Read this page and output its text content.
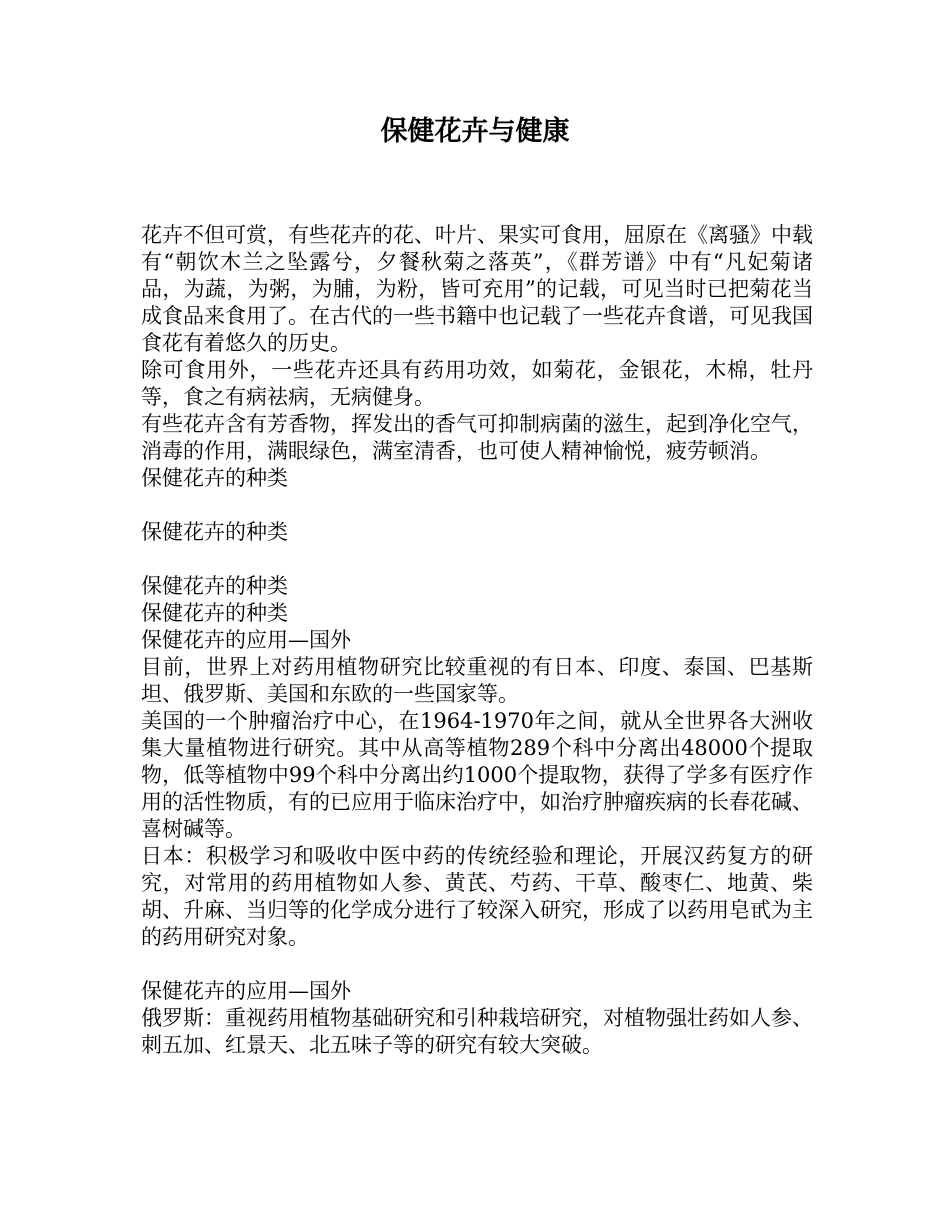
保健花卉与健康

花卉不但可赏，有些花卉的花、叶片、果实可食用，屈原在《离骚》中载有“朝饮木兰之坠露兮，夕餐秋菊之落英”，《群芳谱》中有“凡妃菊诸品，为蔬，为粥，为脯，为粉，皆可充用”的记载，可见当时已把菊花当成食品来食用了。在古代的一些书籍中也记载了一些花卉食谱，可见我国食花有着悠久的历史。

除可食用外，一些花卉还具有药用功效，如菊花，金银花，木棉，牡丹等，食之有病祛病，无病健身。

有些花卉含有芳香物，挥发出的香气可抑制病菌的滋生，起到净化空气，消毒的作用，满眼绿色，满室清香，也可使人精神愉悦，疲劳顿消。

保健花卉的种类

保健花卉的种类

保健花卉的种类

保健花卉的种类

保健花卉的应用—国外

目前，世界上对药用植物研究比较重视的有日本、印度、泰国、巴基斯坦、俄罗斯、美国和东欧的一些国家等。

美国的一个肿瘤治疗中心，在1964-1970年之间，就从全世界各大洲收集大量植物进行研究。其中从高等植物289个科中分离出48000个提取物，低等植物中99个科中分离出约1000个提取物，获得了学多有医疗作用的活性物质，有的已应用于临床治疗中，如治疗肿瘤疾病的长春花碱、喜树碱等。

日本：积极学习和吸收中医中药的传统经验和理论，开展汉药复方的研究，对常用的药用植物如人参、黄芪、芍药、干草、酸枣仁、地黄、柴胡、升麻、当归等的化学成分进行了较深入研究，形成了以药用皂甙为主的药用研究对象。

保健花卉的应用—国外

俄罗斯：重视药用植物基础研究和引种栽培研究，对植物强壮药如人参、刺五加、红景天、北五味子等的研究有较大突破。
